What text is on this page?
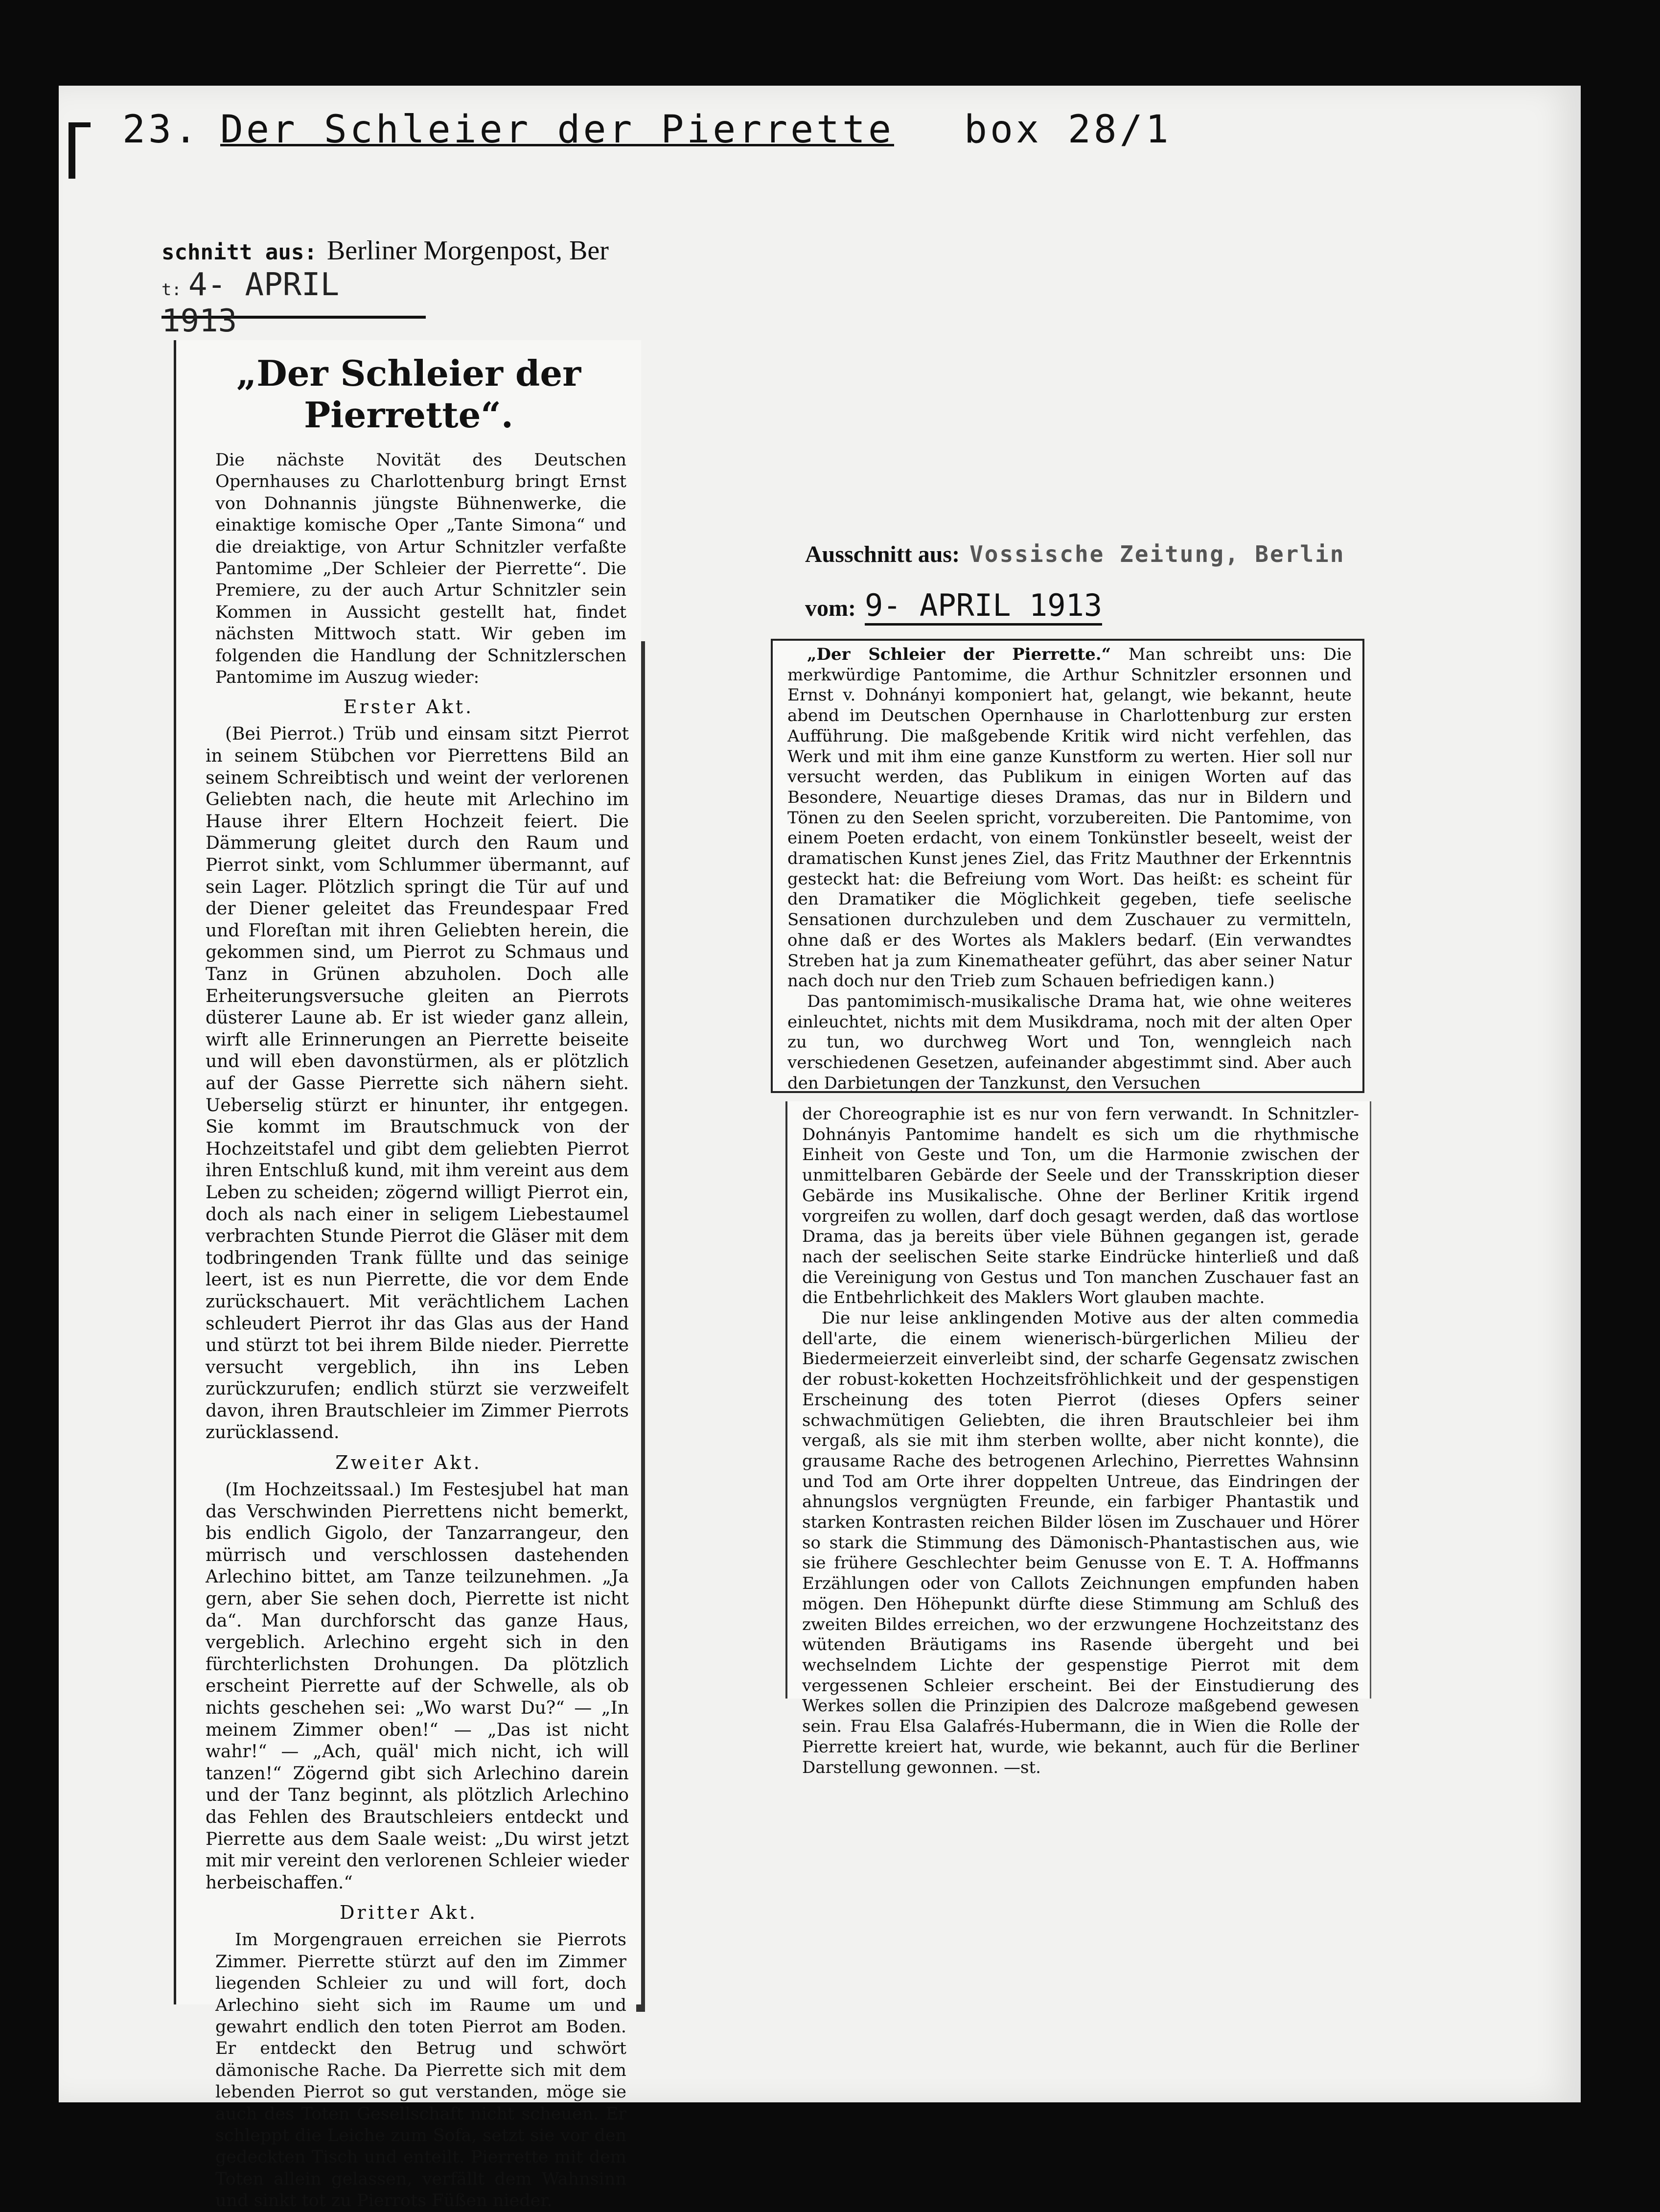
23. Der Schleier der Pierrette box 28/1
schnitt aus: Berliner Morgenpost, Ber
t: 4- APRIL 1913
„Der Schleier der Pierrette“.

Die nächste Novität des Deutschen Opernhauses zu Charlottenburg bringt Ernst von Dohnannis jüngste Bühnenwerke, die einaktige komische Oper „Tante Simona“ und die dreiaktige, von Artur Schnitzler verfaßte Pantomime „Der Schleier der Pierrette“. Die Premiere, zu der auch Artur Schnitzler sein Kommen in Aussicht gestellt hat, findet nächsten Mittwoch statt. Wir geben im folgenden die Handlung der Schnitzlerschen Pantomime im Auszug wieder:

Erster Akt.

(Bei Pierrot.) Trüb und einsam sitzt Pierrot in seinem Stübchen vor Pierrettens Bild an seinem Schreibtisch und weint der verlorenen Geliebten nach, die heute mit Arlechino im Hause ihrer Eltern Hochzeit feiert. Die Dämmerung gleitet durch den Raum und Pierrot sinkt, vom Schlummer übermannt, auf sein Lager. Plötzlich springt die Tür auf und der Diener geleitet das Freundespaar Fred und Floreſtan mit ihren Geliebten herein, die gekommen sind, um Pierrot zu Schmaus und Tanz in Grünen abzuholen. Doch alle Erheiterungsversuche gleiten an Pierrots düsterer Laune ab. Er ist wieder ganz allein, wirft alle Erinnerungen an Pierrette beiseite und will eben davonstürmen, als er plötzlich auf der Gasse Pierrette sich nähern sieht. Ueberselig stürzt er hinunter, ihr entgegen. Sie kommt im Brautschmuck von der Hochzeitstafel und gibt dem geliebten Pierrot ihren Entschluß kund, mit ihm vereint aus dem Leben zu scheiden; zögernd willigt Pierrot ein, doch als nach einer in seligem Liebestaumel verbrachten Stunde Pierrot die Gläser mit dem todbringenden Trank füllte und das seinige leert, ist es nun Pierrette, die vor dem Ende zurückschauert. Mit verächtlichem Lachen schleudert Pierrot ihr das Glas aus der Hand und stürzt tot bei ihrem Bilde nieder. Pierrette versucht vergeblich, ihn ins Leben zurückzurufen; endlich stürzt sie verzweifelt davon, ihren Brautschleier im Zimmer Pierrots zurücklassend.

Zweiter Akt.

(Im Hochzeitssaal.) Im Festesjubel hat man das Verschwinden Pierrettens nicht bemerkt, bis endlich Gigolo, der Tanzarrangeur, den mürrisch und verschlossen dastehenden Arlechino bittet, am Tanze teilzunehmen. „Ja gern, aber Sie sehen doch, Pierrette ist nicht da“. Man durchforscht das ganze Haus, vergeblich. Arlechino ergeht sich in den fürchterlichsten Drohungen. Da plötzlich erscheint Pierrette auf der Schwelle, als ob nichts geschehen sei: „Wo warst Du?“ — „In meinem Zimmer oben!“ — „Das ist nicht wahr!“ — „Ach, quäl' mich nicht, ich will tanzen!“ Zögernd gibt sich Arlechino darein und der Tanz beginnt, als plötzlich Arlechino das Fehlen des Brautschleiers entdeckt und Pierrette aus dem Saale weist: „Du wirst jetzt mit mir vereint den verlorenen Schleier wieder herbeischaffen.“

Dritter Akt.

Im Morgengrauen erreichen sie Pierrots Zimmer. Pierrette stürzt auf den im Zimmer liegenden Schleier zu und will fort, doch Arlechino sieht sich im Raume um und gewahrt endlich den toten Pierrot am Boden. Er entdeckt den Betrug und schwört dämonische Rache. Da Pierrette sich mit dem lebenden Pierrot so gut verstanden, möge sie auch des Toten Gesellschaft nicht scheuen. Er schleppt die Leiche zum Sofa, setzt sie vor den gedeckten Tisch und enteilt. Pierrette mit dem Toten allein gelassen, verfällt dem Wahnsinn und sinkt tot zu Pierrots Füßen nieder.

Ausschnitt aus: Vossische Zeitung, Berlin
vom: 9- APRIL 1913

„Der Schleier der Pierrette.“ Man schreibt uns: Die merkwürdige Pantomime, die Arthur Schnitzler ersonnen und Ernst v. Dohnányi komponiert hat, gelangt, wie bekannt, heute abend im Deutschen Opernhause in Charlottenburg zur ersten Aufführung. Die maßgebende Kritik wird nicht verfehlen, das Werk und mit ihm eine ganze Kunstform zu werten. Hier soll nur versucht werden, das Publikum in einigen Worten auf das Besondere, Neuartige dieses Dramas, das nur in Bildern und Tönen zu den Seelen spricht, vorzubereiten. Die Pantomime, von einem Poeten erdacht, von einem Tonkünstler beseelt, weist der dramatischen Kunst jenes Ziel, das Fritz Mauthner der Erkenntnis gesteckt hat: die Befreiung vom Wort. Das heißt: es scheint für den Dramatiker die Möglichkeit gegeben, tiefe seelische Sensationen durchzuleben und dem Zuschauer zu vermitteln, ohne daß er des Wortes als Maklers bedarf. (Ein verwandtes Streben hat ja zum Kinematheater geführt, das aber seiner Natur nach doch nur den Trieb zum Schauen befriedigen kann.)

Das pantomimisch-musikalische Drama hat, wie ohne weiteres einleuchtet, nichts mit dem Musikdrama, noch mit der alten Oper zu tun, wo durchweg Wort und Ton, wenngleich nach verschiedenen Gesetzen, aufeinander abgestimmt sind. Aber auch den Darbietungen der Tanzkunst, den Versuchen

der Choreographie ist es nur von fern verwandt. In Schnitzler-Dohnányis Pantomime handelt es sich um die rhythmische Einheit von Geste und Ton, um die Harmonie zwischen der unmittelbaren Gebärde der Seele und der Transskription dieser Gebärde ins Musikalische. Ohne der Berliner Kritik irgend vorgreifen zu wollen, darf doch gesagt werden, daß das wortlose Drama, das ja bereits über viele Bühnen gegangen ist, gerade nach der seelischen Seite starke Eindrücke hinterließ und daß die Vereinigung von Gestus und Ton manchen Zuschauer fast an die Entbehrlichkeit des Maklers Wort glauben machte.

Die nur leise anklingenden Motive aus der alten commedia dell'arte, die einem wienerisch-bürgerlichen Milieu der Biedermeierzeit einverleibt sind, der scharfe Gegensatz zwischen der robust-koketten Hochzeitsfröhlichkeit und der gespenstigen Erscheinung des toten Pierrot (dieses Opfers seiner schwachmütigen Geliebten, die ihren Brautschleier bei ihm vergaß, als sie mit ihm sterben wollte, aber nicht konnte), die grausame Rache des betrogenen Arlechino, Pierrettes Wahnsinn und Tod am Orte ihrer doppelten Untreue, das Eindringen der ahnungslos vergnügten Freunde, ein farbiger Phantastik und starken Kontrasten reichen Bilder lösen im Zuschauer und Hörer so stark die Stimmung des Dämonisch-Phantastischen aus, wie sie frühere Geschlechter beim Genusse von E. T. A. Hoffmanns Erzählungen oder von Callots Zeichnungen empfunden haben mögen. Den Höhepunkt dürfte diese Stimmung am Schluß des zweiten Bildes erreichen, wo der erzwungene Hochzeitstanz des wütenden Bräutigams ins Rasende übergeht und bei wechselndem Lichte der gespenstige Pierrot mit dem vergessenen Schleier erscheint. Bei der Einstudierung des Werkes sollen die Prinzipien des Dalcroze maßgebend gewesen sein. Frau Elsa Galafrés-Hubermann, die in Wien die Rolle der Pierrette kreiert hat, wurde, wie bekannt, auch für die Berliner Darstellung gewonnen. —st.
